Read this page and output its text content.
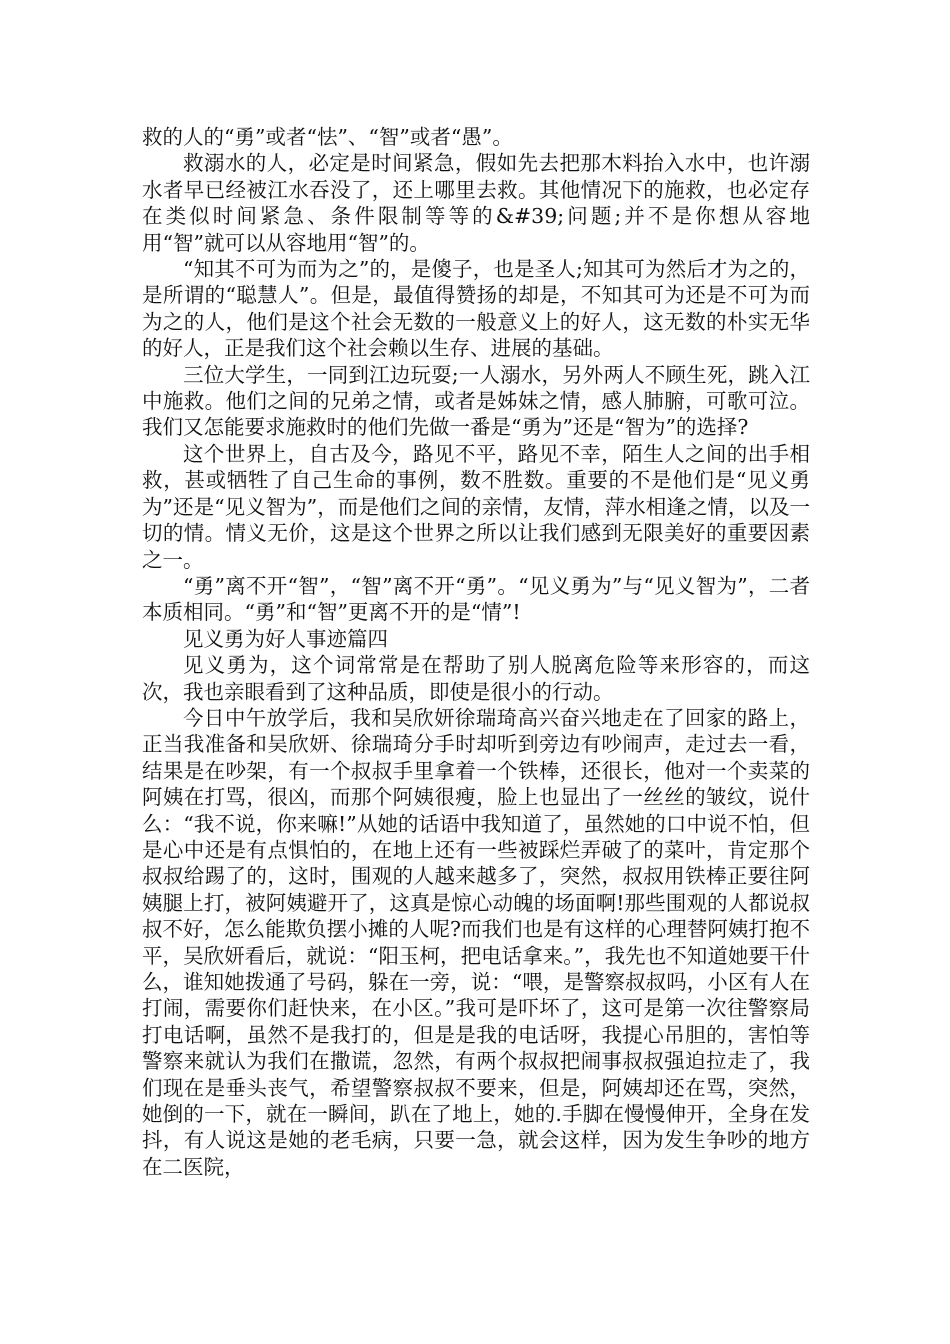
救的人的“勇”或者“怯”、“智”或者“愚”。

救溺水的人，必定是时间紧急，假如先去把那木料抬入水中，也许溺水者早已经被江水吞没了，还上哪里去救。其他情况下的施救，也必定存在类似时间紧急、条件限制等等的&#39;问题;并不是你想从容地用“智”就可以从容地用“智”的。

“知其不可为而为之”的，是傻子，也是圣人;知其可为然后才为之的，是所谓的“聪慧人”。但是，最值得赞扬的却是，不知其可为还是不可为而为之的人，他们是这个社会无数的一般意义上的好人，这无数的朴实无华的好人，正是我们这个社会赖以生存、进展的基础。

三位大学生，一同到江边玩耍;一人溺水，另外两人不顾生死，跳入江中施救。他们之间的兄弟之情，或者是姊妹之情，感人肺腑，可歌可泣。我们又怎能要求施救时的他们先做一番是“勇为”还是“智为”的选择?

这个世界上，自古及今，路见不平，路见不幸，陌生人之间的出手相救，甚或牺牲了自己生命的事例，数不胜数。重要的不是他们是“见义勇为”还是“见义智为”，而是他们之间的亲情，友情，萍水相逢之情，以及一切的情。情义无价，这是这个世界之所以让我们感到无限美好的重要因素之一。

“勇”离不开“智”，“智”离不开“勇”。“见义勇为”与“见义智为”，二者本质相同。“勇”和“智”更离不开的是“情”!

见义勇为好人事迹篇四

见义勇为，这个词常常是在帮助了别人脱离危险等来形容的，而这次，我也亲眼看到了这种品质，即使是很小的行动。

今日中午放学后，我和吴欣妍徐瑞琦高兴奋兴地走在了回家的路上，正当我准备和吴欣妍、徐瑞琦分手时却听到旁边有吵闹声，走过去一看，结果是在吵架，有一个叔叔手里拿着一个铁棒，还很长，他对一个卖菜的阿姨在打骂，很凶，而那个阿姨很瘦，脸上也显出了一丝丝的皱纹，说什么：“我不说，你来嘛!”从她的话语中我知道了，虽然她的口中说不怕，但是心中还是有点惧怕的，在地上还有一些被踩烂弄破了的菜叶，肯定那个叔叔给踢了的，这时，围观的人越来越多了，突然，叔叔用铁棒正要往阿姨腿上打，被阿姨避开了，这真是惊心动魄的场面啊!那些围观的人都说叔叔不好，怎么能欺负摆小摊的人呢?而我们也是有这样的心理替阿姨打抱不平，吴欣妍看后，就说：“阳玉柯，把电话拿来。”，我先也不知道她要干什么，谁知她拨通了号码，躲在一旁，说：“喂，是警察叔叔吗，小区有人在打闹，需要你们赶快来，在小区。”我可是吓坏了，这可是第一次往警察局打电话啊，虽然不是我打的，但是是我的电话呀，我提心吊胆的，害怕等警察来就认为我们在撒谎，忽然，有两个叔叔把闹事叔叔强迫拉走了，我们现在是垂头丧气，希望警察叔叔不要来，但是，阿姨却还在骂，突然，她倒的一下，就在一瞬间，趴在了地上，她的.手脚在慢慢伸开，全身在发抖，有人说这是她的老毛病，只要一急，就会这样，因为发生争吵的地方在二医院，
